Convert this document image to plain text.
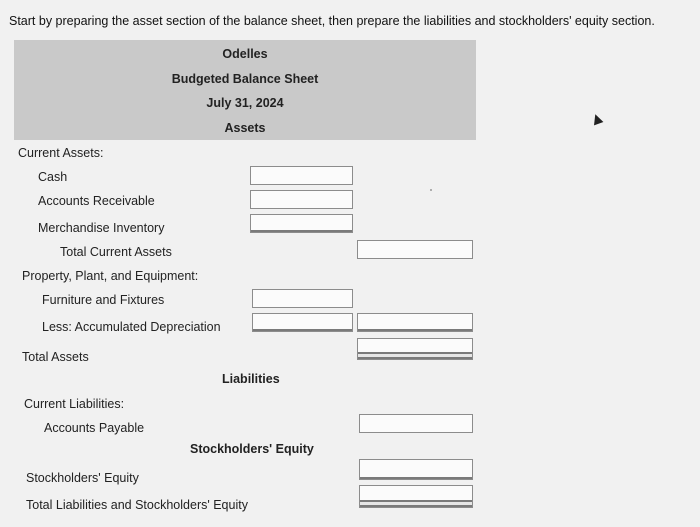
Start by preparing the asset section of the balance sheet, then prepare the liabilities and stockholders' equity section.
Odelles
Budgeted Balance Sheet
July 31, 2024
Assets
Current Assets:
Cash
Accounts Receivable
Merchandise Inventory
Total Current Assets
Property, Plant, and Equipment:
Furniture and Fixtures
Less: Accumulated Depreciation
Total Assets
Liabilities
Current Liabilities:
Accounts Payable
Stockholders' Equity
Stockholders' Equity
Total Liabilities and Stockholders' Equity
